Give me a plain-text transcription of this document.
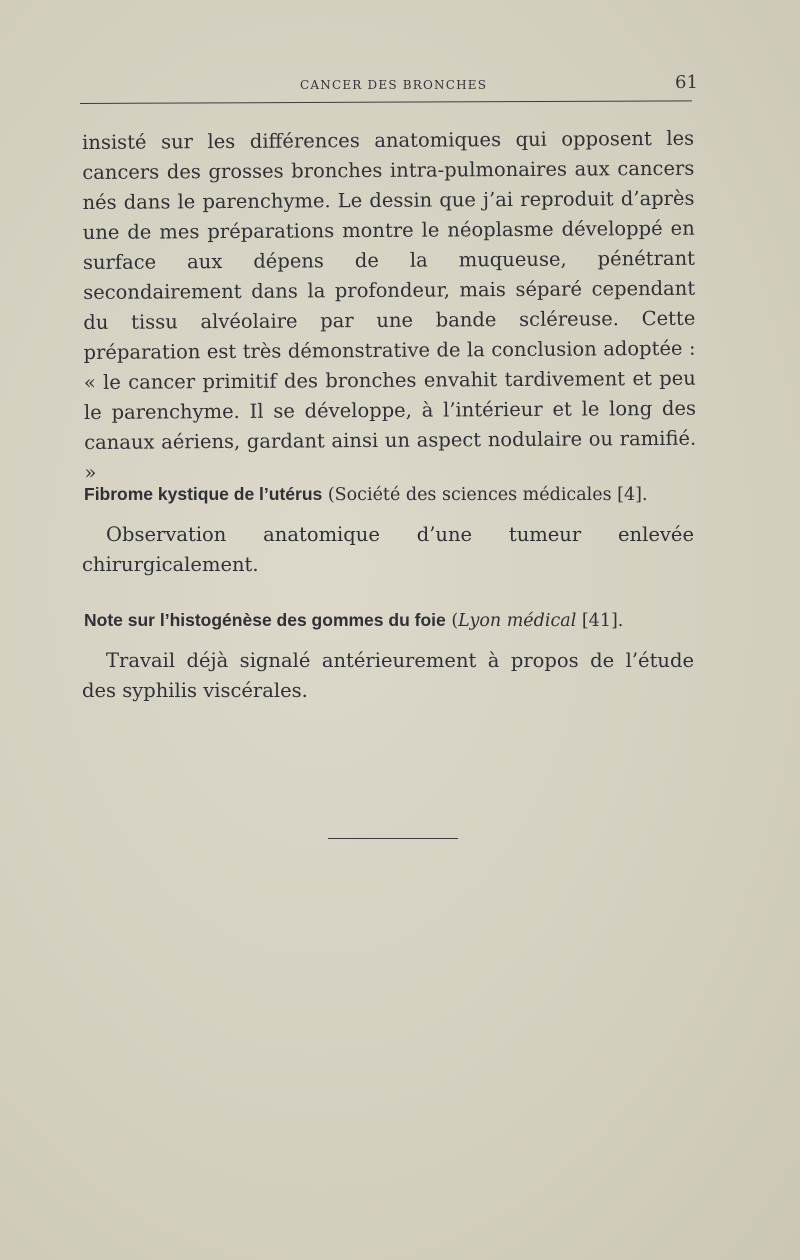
CANCER DES BRONCHES	61

insisté sur les différences anatomiques qui opposent les cancers des grosses bronches intra-pulmonaires aux cancers nés dans le parenchyme. Le dessin que j’ai reproduit d’après une de mes préparations montre le néoplasme développé en surface aux dépens de la muqueuse, pénétrant secondairement dans la profondeur, mais séparé cependant du tissu alvéolaire par une bande scléreuse. Cette préparation est très démonstrative de la conclusion adoptée : « le cancer primitif des bronches envahit tardivement et peu le parenchyme. Il se développe, à l’intérieur et le long des canaux aériens, gardant ainsi un aspect nodulaire ou ramifié. »

Fibrome kystique de l’utérus (Société des sciences médicales [4].

Observation anatomique d’une tumeur enlevée chirurgicalement.

Note sur l’histogénèse des gommes du foie (Lyon médical [41].

Travail déjà signalé antérieurement à propos de l’étude des syphilis viscérales.
